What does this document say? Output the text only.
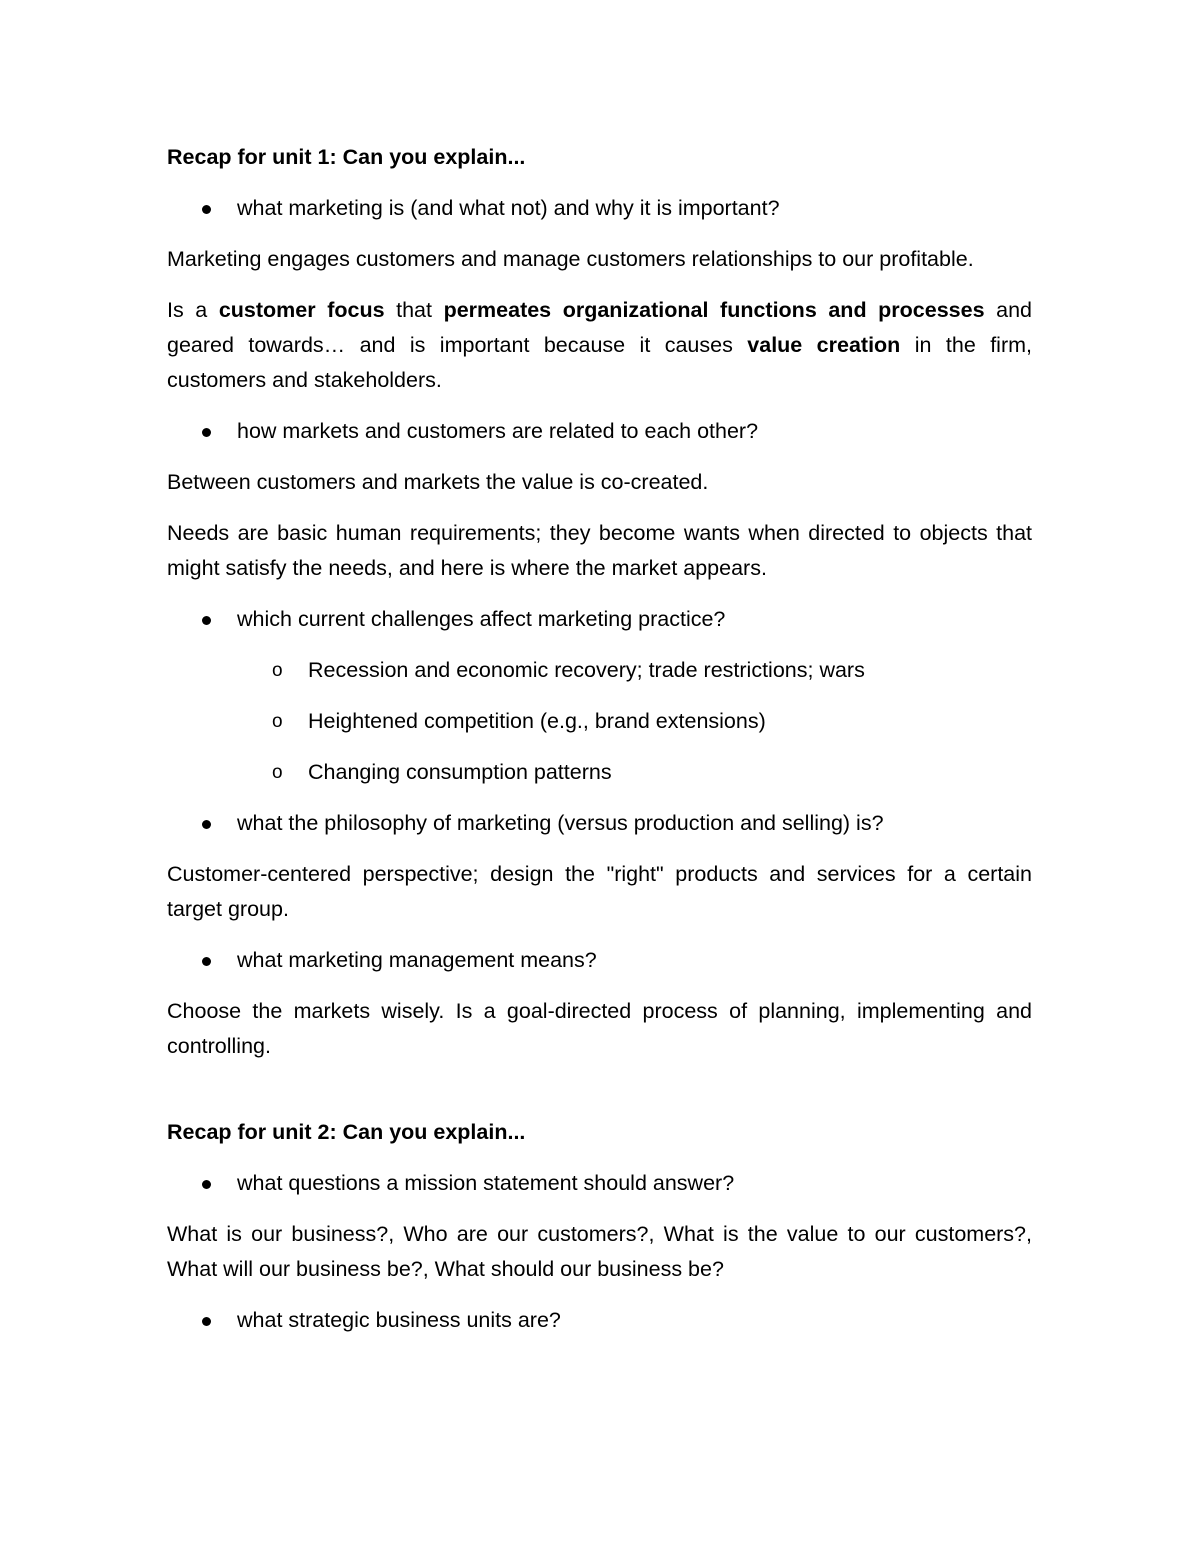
Recap for unit 1: Can you explain...
what marketing is (and what not) and why it is important?
Marketing engages customers and manage customers relationships to our profitable.
Is a customer focus that permeates organizational functions and processes and geared towards… and is important because it causes value creation in the firm, customers and stakeholders.
how markets and customers are related to each other?
Between customers and markets the value is co-created.
Needs are basic human requirements; they become wants when directed to objects that might satisfy the needs, and here is where the market appears.
which current challenges affect marketing practice?
o Recession and economic recovery; trade restrictions; wars
o Heightened competition (e.g., brand extensions)
o Changing consumption patterns
what the philosophy of marketing (versus production and selling) is?
Customer-centered perspective; design the "right" products and services for a certain target group.
what marketing management means?
Choose the markets wisely. Is a goal-directed process of planning, implementing and controlling.
Recap for unit 2: Can you explain...
what questions a mission statement should answer?
What is our business?, Who are our customers?, What is the value to our customers?, What will our business be?, What should our business be?
what strategic business units are?
